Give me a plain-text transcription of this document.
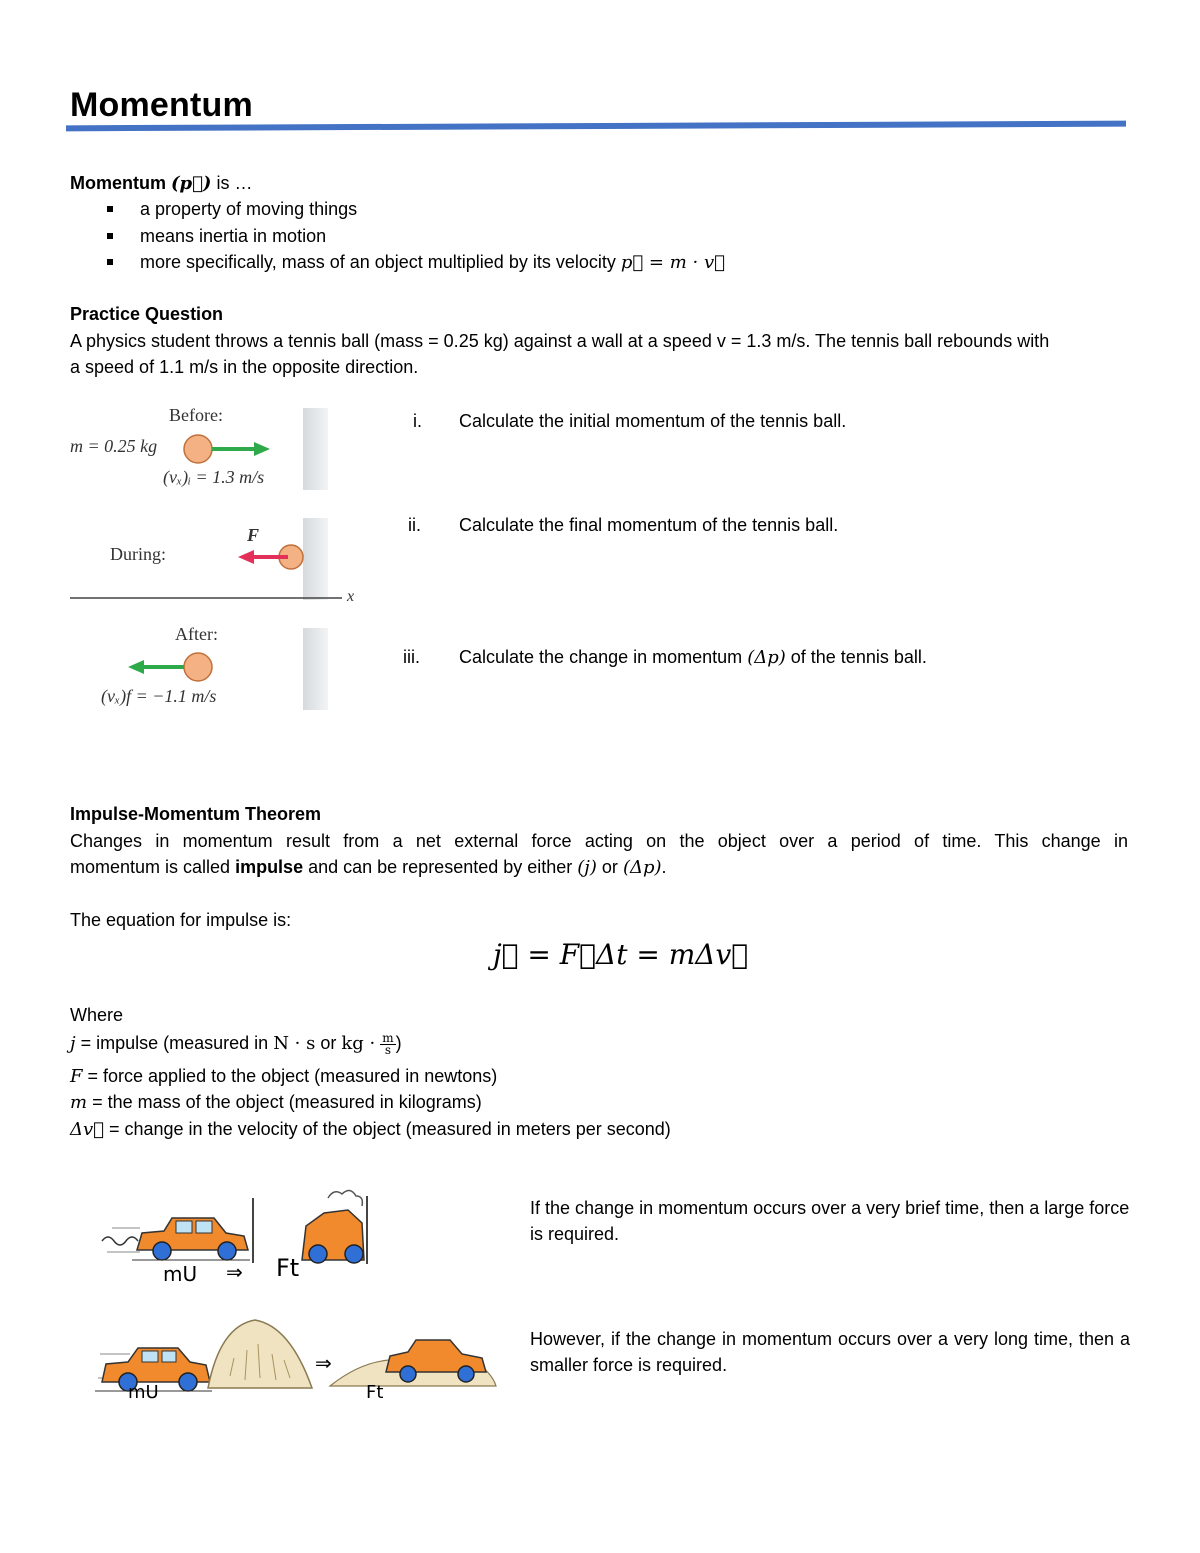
Momentum
Momentum (p⃗) is …
a property of moving things
means inertia in motion
more specifically, mass of an object multiplied by its velocity p⃗ = m · v⃗
Practice Question
A physics student throws a tennis ball (mass = 0.25 kg) against a wall at a speed v = 1.3 m/s. The tennis ball rebounds with
a speed of 1.1 m/s in the opposite direction.
Before:
m = 0.25 kg
(vₓ)ᵢ = 1.3 m/s
During:
F⃗
x
After:
(vₓ)f = −1.1 m/s
i. Calculate the initial momentum of the tennis ball.
ii. Calculate the final momentum of the tennis ball.
iii. Calculate the change in momentum (Δp) of the tennis ball.
Impulse-Momentum Theorem
Changes in momentum result from a net external force acting on the object over a period of time. This change in
momentum is called impulse and can be represented by either (j) or (Δp).
The equation for impulse is:
j⃗ = F⃗Δt = mΔv⃗
Where
j = impulse (measured in N · s or kg · $\frac{m}{s}$ )
F = force applied to the object (measured in newtons)
m = the mass of the object (measured in kilograms)
Δv⃗ = change in the velocity of the object (measured in meters per second)
mU ⇒ Ft
mU
⇒
Ft
If the change in momentum occurs over a very brief time, then a large force is required.
However, if the change in momentum occurs over a very long time, then a smaller force is required.
